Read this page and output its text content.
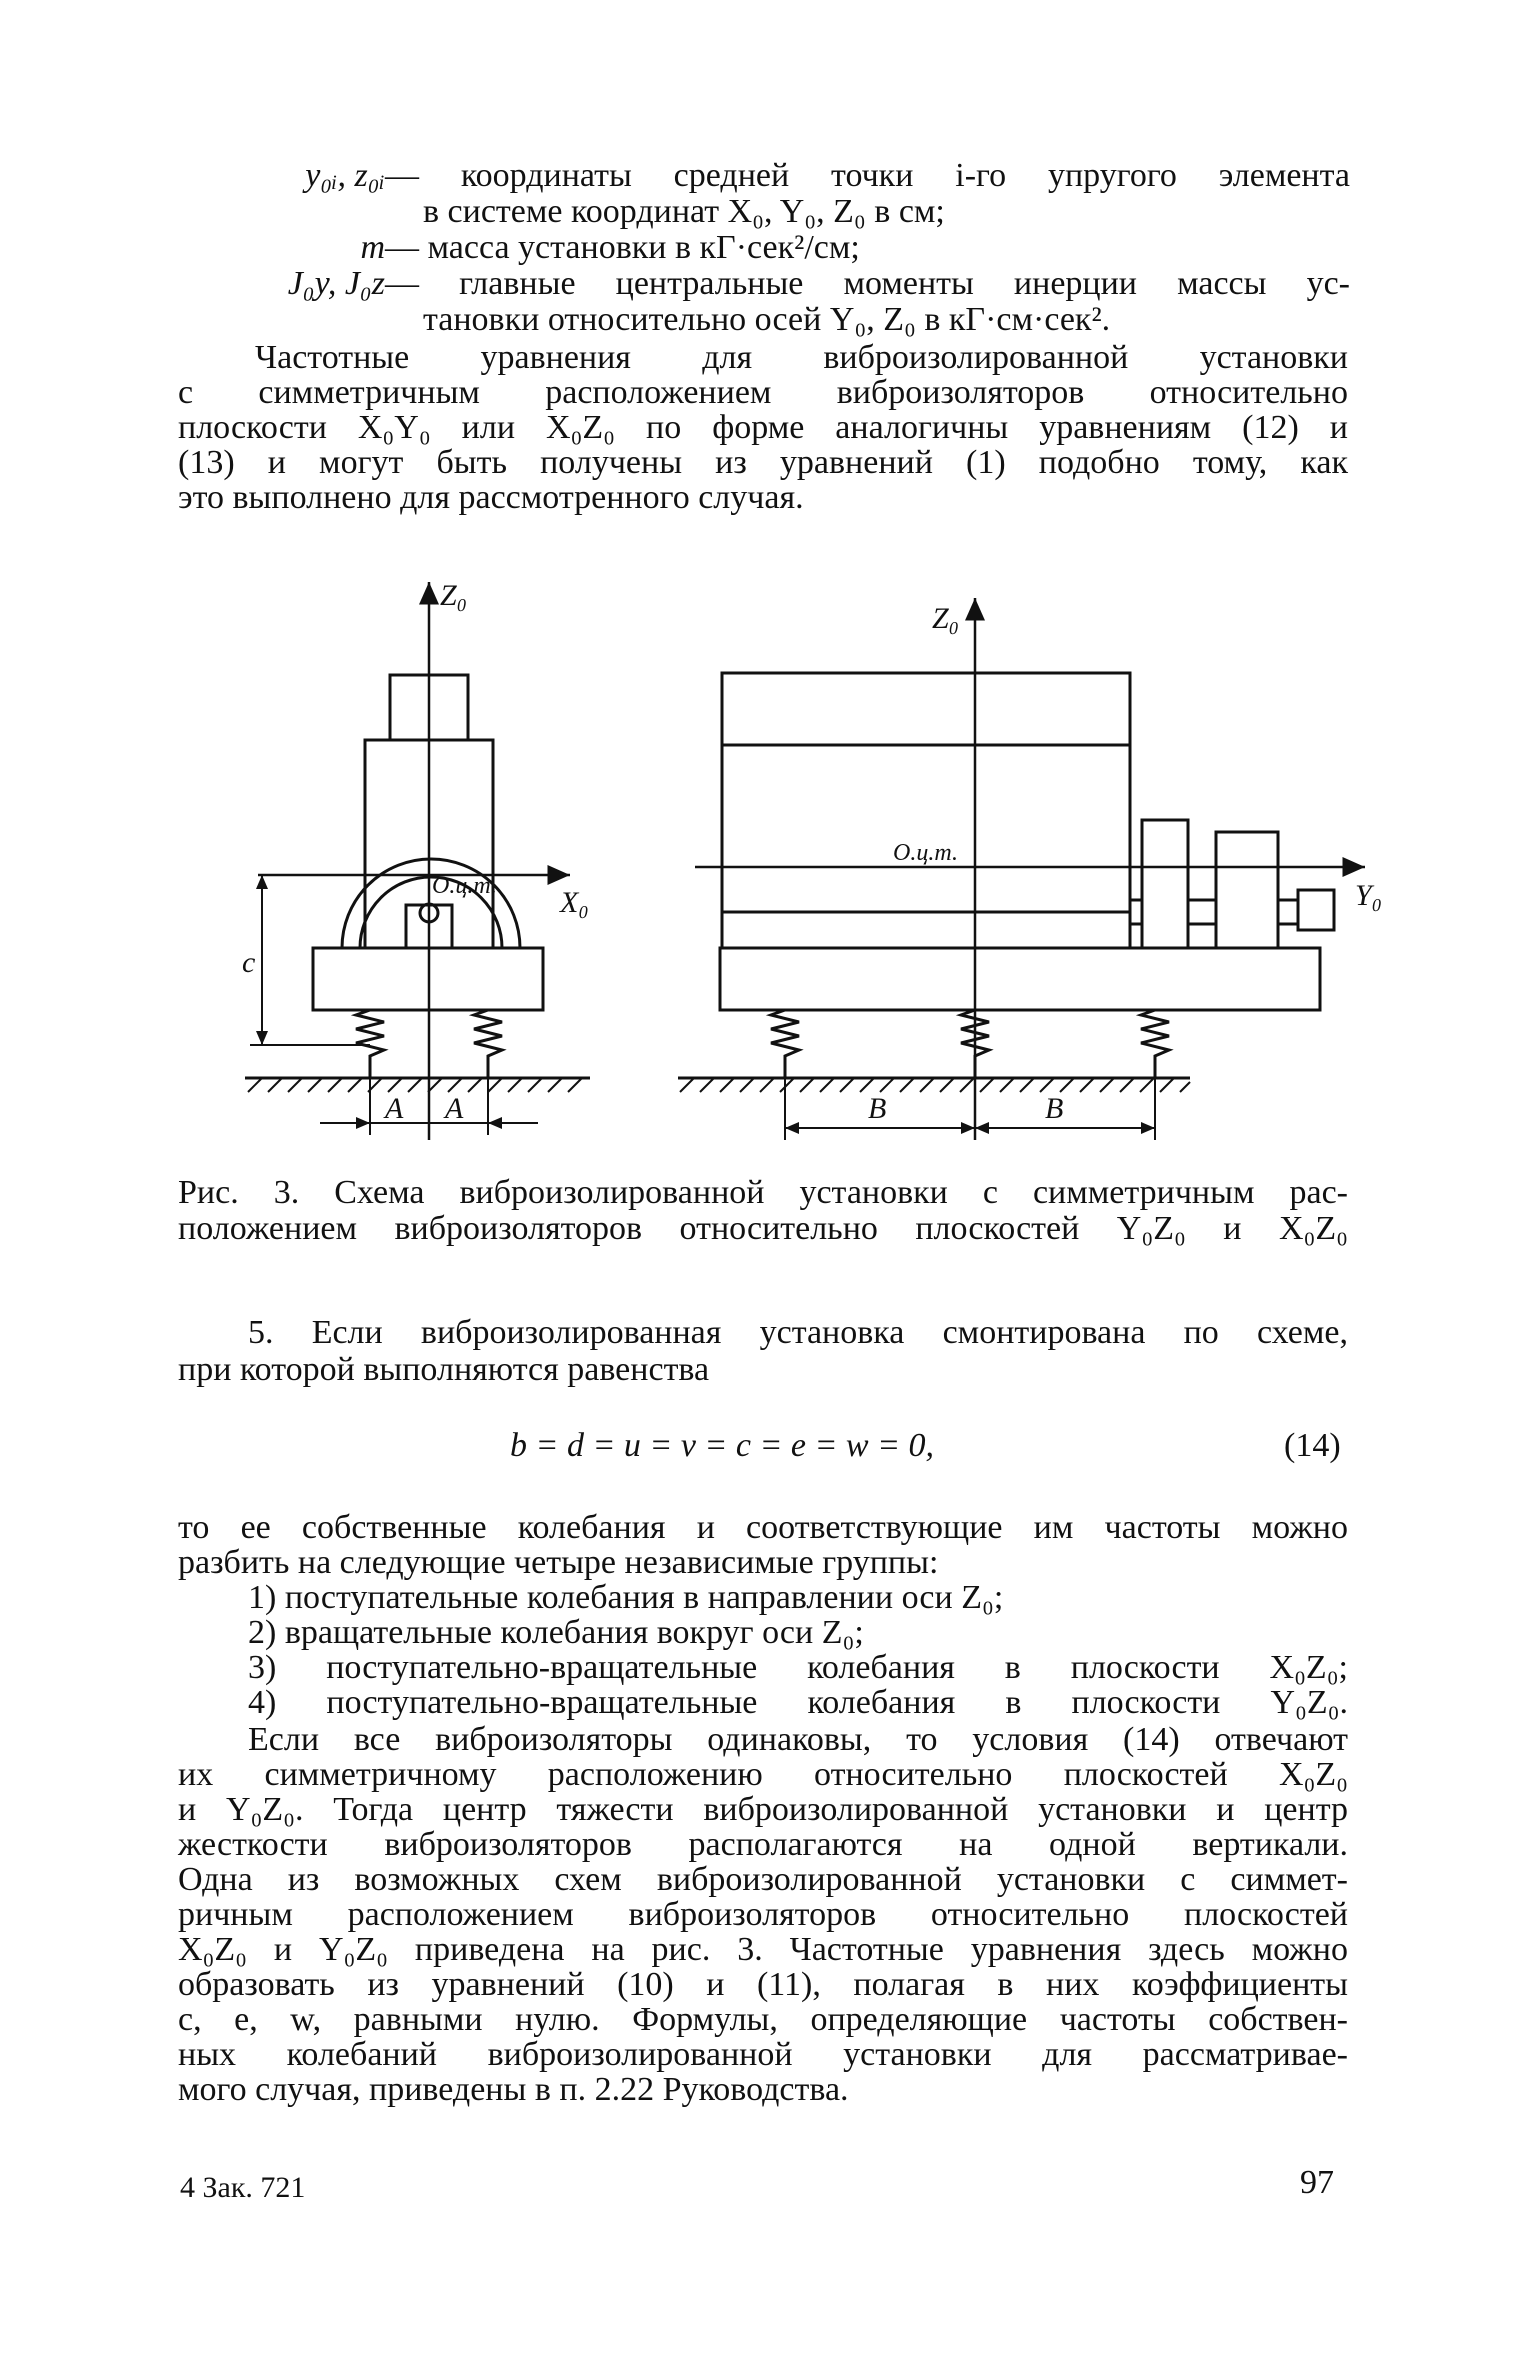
y₀ᵢ, z₀ᵢ — координаты средней точки i-го упругого элемента
в системе координат X₀, Y₀, Z₀ в см;
m — масса установки в кГ·сек²/см;
J₀y, J₀z — главные центральные моменты инерции массы ус-
тановки относительно осей Y₀, Z₀ в кГ·см·сек².
Частотные уравнения для виброизолированной установки
с симметричным расположением виброизоляторов относительно
плоскости X₀Y₀ или X₀Z₀ по форме аналогичны уравнениям (12) и
(13) и могут быть получены из уравнений (1) подобно тому, как
это выполнено для рассмотренного случая.
Z₀
X₀
О.ц.т.
c
A A
Z₀
Y₀
О.ц.т.
B	B
Рис. 3. Схема виброизолированной установки с симметричным рас-
положением виброизоляторов относительно плоскостей Y₀Z₀ и X₀Z₀
5. Если виброизолированная установка смонтирована по схеме,
при которой выполняются равенства
b = d = u = v = c = e = w = 0,	(14)
то ее собственные колебания и соответствующие им частоты можно
разбить на следующие четыре независимые группы:
1) поступательные колебания в направлении оси Z₀;
2) вращательные колебания вокруг оси Z₀;
3) поступательно-вращательные колебания в плоскости X₀Z₀;
4) поступательно-вращательные колебания в плоскости Y₀Z₀.
Если все виброизоляторы одинаковы, то условия (14) отвечают
их симметричному расположению относительно плоскостей X₀Z₀
и Y₀Z₀. Тогда центр тяжести виброизолированной установки и центр
жесткости виброизоляторов располагаются на одной вертикали.
Одна из возможных схем виброизолированной установки с симмет-
ричным расположением виброизоляторов относительно плоскостей
X₀Z₀ и Y₀Z₀ приведена на рис. 3. Частотные уравнения здесь можно
образовать из уравнений (10) и (11), полагая в них коэффициенты
c, e, w, равными нулю. Формулы, определяющие частоты собствен-
ных колебаний виброизолированной установки для рассматривае-
мого случая, приведены в п. 2.22 Руководства.
4 Зак. 721	97
